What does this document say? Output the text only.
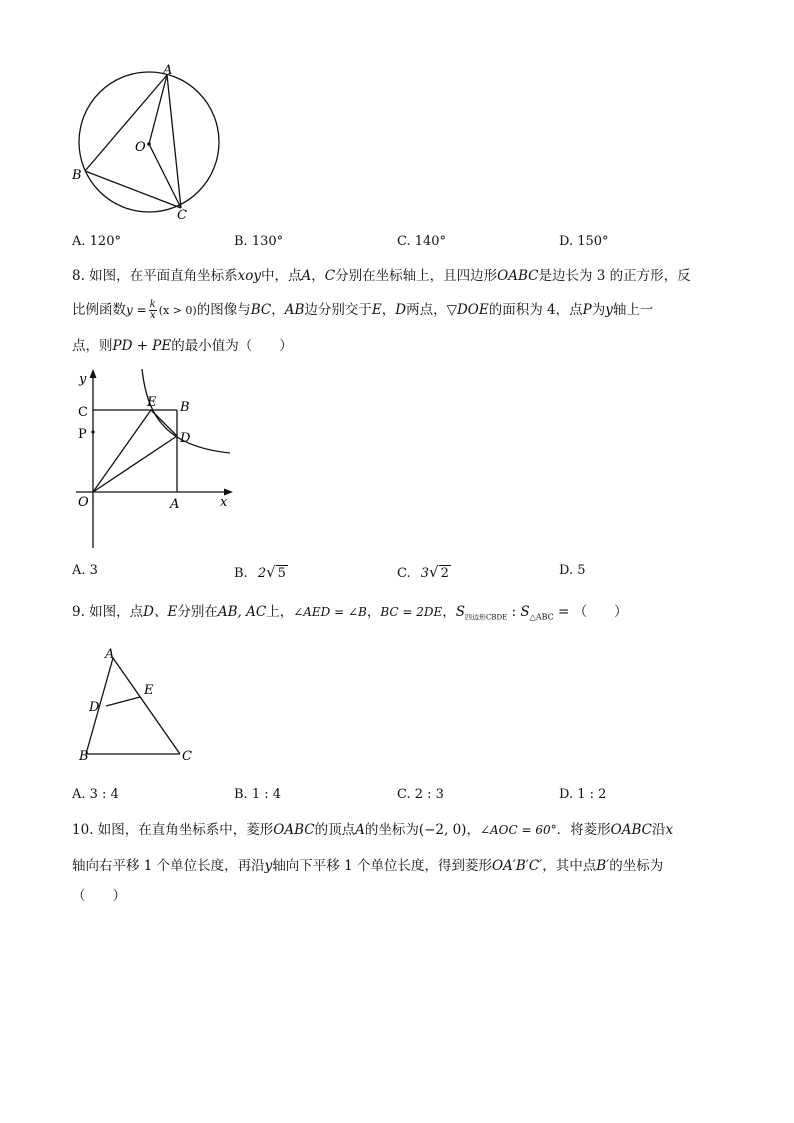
A
O
B
C
A. 120°	B. 130°	C. 140°	D. 150°
8. 如图，在平面直角坐标系xoy中，点A，C分别在坐标轴上，且四边形OABC是边长为 3 的正方形，反
比例函数$y = \frac{k}{x} (x > 0)$的图像与BC，AB边分别交于E，D两点，▽DOE的面积为 4，点P为y轴上一
点，则PD + PE的最小值为（　　）
y
C
P
E B
D
O	A	x
A. 3	B. 2√ 5	C. 3√ 2	D. 5
9. 如图，点D、E分别在AB, AC上，∠AED = ∠B，BC = 2DE，$S_{四边形CBDE}$ : $S_{\triangle ABC}$ = （　　）
A
E
D
B	C
A. 3 : 4	B. 1 : 4	C. 2 : 3	D. 1 : 2
10. 如图，在直角坐标系中，菱形OABC的顶点A的坐标为(−2, 0)，∠AOC = 60°．将菱形OABC沿x
轴向右平移 1 个单位长度，再沿y轴向下平移 1 个单位长度，得到菱形OA′B′C′，其中点B′的坐标为
（　　）
